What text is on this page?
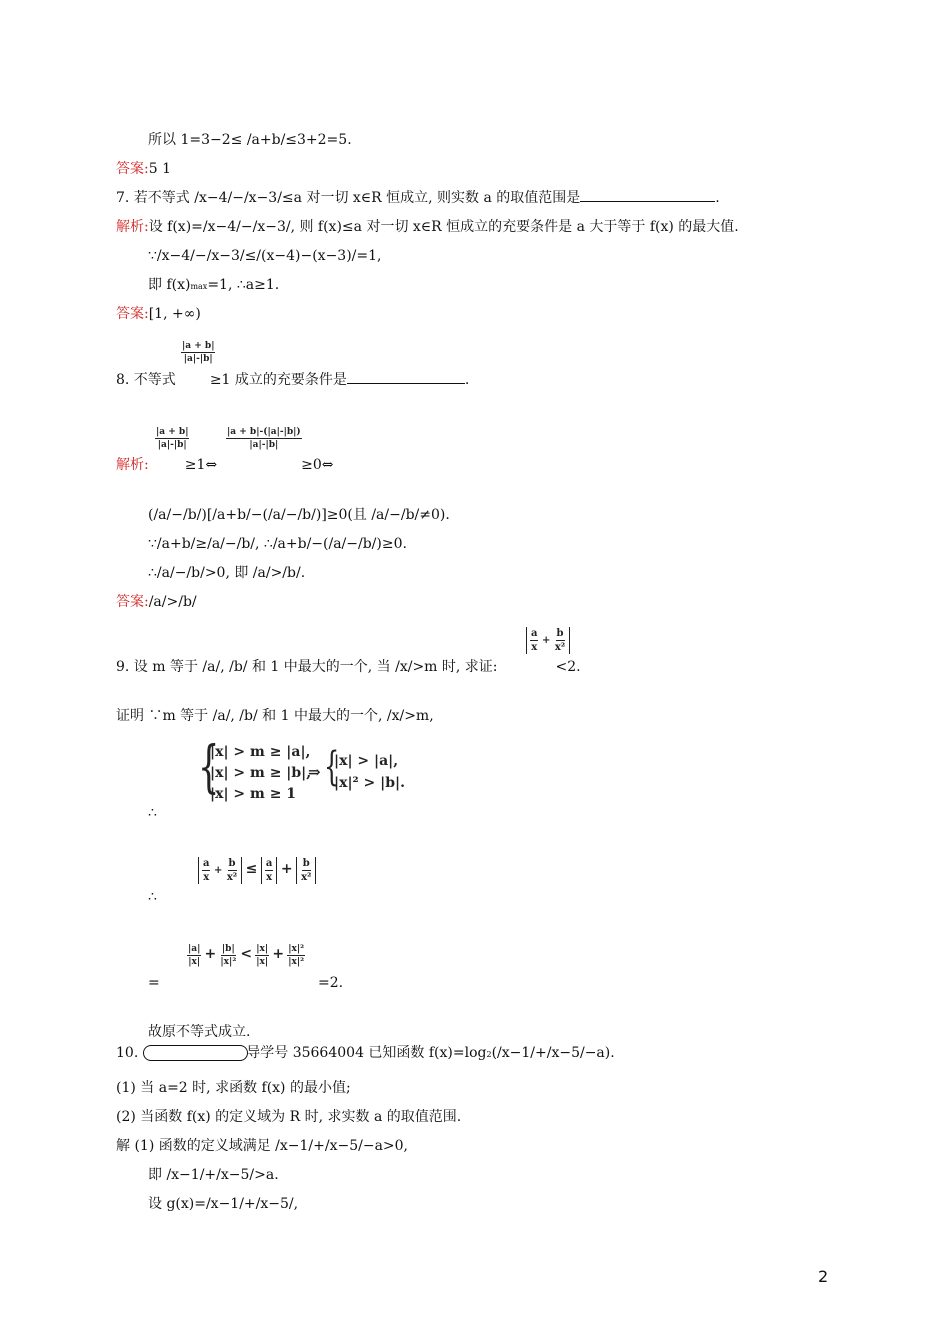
所以 1=3−2≤ /a+b/≤3+2=5.
答案:5 1
7. 若不等式 /x−4/−/x−3/≤a 对一切 x∈R 恒成立, 则实数 a 的取值范围是	.
解析:设 f(x)=/x−4/−/x−3/, 则 f(x)≤a 对一切 x∈R 恒成立的充要条件是 a 大于等于 f(x) 的最大值.
∵/x−4/−/x−3/≤/(x−4)−(x−3)/=1,
即 f(x)max=1, ∴a≥1.
答案:[1, +∞)
$\frac{|a + b|}{|a|-|b|}$
8. 不等式 ≥1 成立的充要条件是	.
$\frac{|a + b|}{|a|-|b|}$	$\frac{|a + b|-(|a|-|b|)}{|a|-|b|}$
解析:	≥1⇔	≥0⇔
(/a/−/b/)[/a+b/−(/a/−/b/)]≥0(且 /a/−/b/≠0).
∵/a+b/≥/a/−/b/, ∴/a+b/−(/a/−/b/)≥0.
∴/a/−/b/>0, 即 /a/>/b/.
答案:/a/>/b/
$\frac{a}{x} + \frac{b}{\text{x²}}$
9. 设 m 等于 /a/, /b/ 和 1 中最大的一个, 当 /x/>m 时, 求证:	<2.
证明 ∵m 等于 /a/, /b/ 和 1 中最大的一个, /x/>m,
{
|x| > m ≥ |a|,
|x| > m ≥ |b|,
|x| > m ≥ 1
⇒ {
|x| > |a|,
|x|² > |b|.
∴
$\frac{a}{x} + \frac{b}{\text{x²}} \le \frac{a}{x} + \frac{b}{\text{x²}}$
∴
$\frac{|a|}{|x|} + \frac{|b|}{\text{|x|²}} < \frac{|x|}{|x|} + \frac{\text{|x|²}}{\text{|x|²}}$
=	=2.
故原不等式成立.
10.	导学号 35664004 已知函数 f(x)=log2(/x−1/+/x−5/−a).
(1) 当 a=2 时, 求函数 f(x) 的最小值;
(2) 当函数 f(x) 的定义域为 R 时, 求实数 a 的取值范围.
解 (1) 函数的定义域满足 /x−1/+/x−5/−a>0,
即 /x−1/+/x−5/>a.
设 g(x)=/x−1/+/x−5/,
2
